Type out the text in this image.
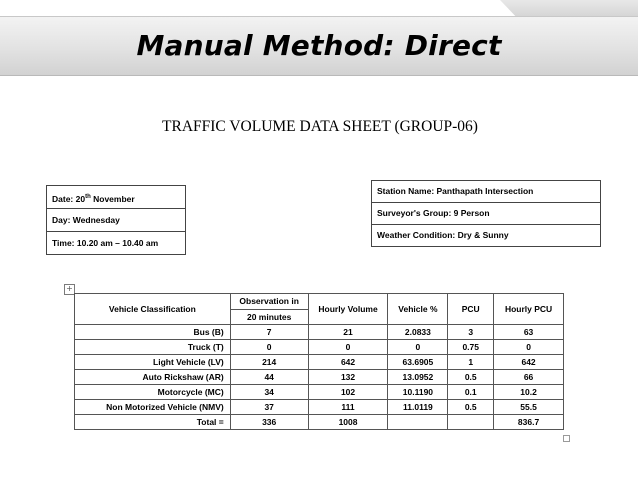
Manual Method: Direct
TRAFFIC VOLUME DATA SHEET (GROUP-06)
Date: 20th November
Day: Wednesday
Time: 10.20 am – 10.40 am
Station Name: Panthapath Intersection
Surveyor's Group: 9 Person
Weather Condition: Dry & Sunny
+
Vehicle Classification	Observation in	Hourly Volume	Vehicle %	PCU	Hourly PCU
	20 minutes				
Bus (B)	7	21	2.0833	3	63
Truck (T)	0	0	0	0.75	0
Light Vehicle (LV)	214	642	63.6905	1	642
Auto Rickshaw (AR)	44	132	13.0952	0.5	66
Motorcycle (MC)	34	102	10.1190	0.1	10.2
Non Motorized Vehicle (NMV)	37	111	11.0119	0.5	55.5
Total =	336	1008			836.7
